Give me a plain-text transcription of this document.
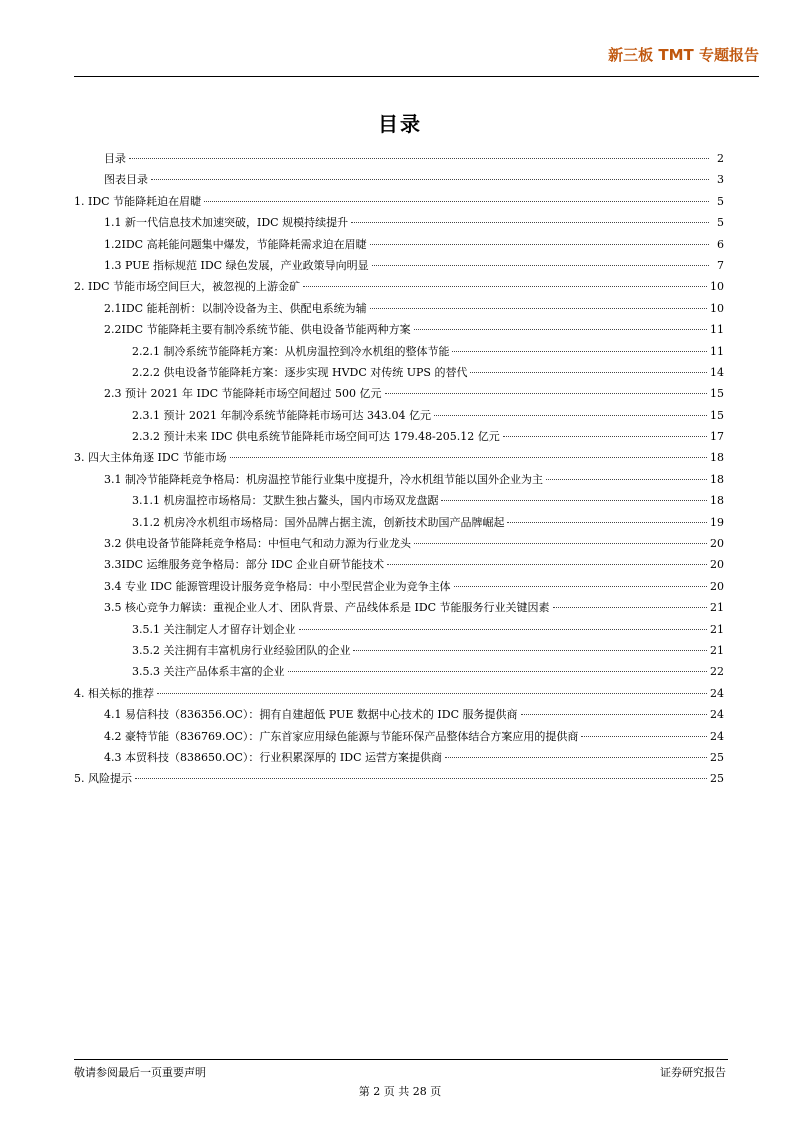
新三板 TMT 专题报告
目录
目录	2
图表目录	3
1. IDC 节能降耗迫在眉睫	5
1.1 新一代信息技术加速突破，IDC 规模持续提升	5
1.2IDC 高耗能问题集中爆发，节能降耗需求迫在眉睫	6
1.3 PUE 指标规范 IDC 绿色发展，产业政策导向明显	7
2. IDC 节能市场空间巨大，被忽视的上游金矿	10
2.1IDC 能耗剖析：以制冷设备为主、供配电系统为辅	10
2.2IDC 节能降耗主要有制冷系统节能、供电设备节能两种方案	11
2.2.1 制冷系统节能降耗方案：从机房温控到冷水机组的整体节能	11
2.2.2 供电设备节能降耗方案：逐步实现 HVDC 对传统 UPS 的替代	14
2.3 预计 2021 年 IDC 节能降耗市场空间超过 500 亿元	15
2.3.1 预计 2021 年制冷系统节能降耗市场可达 343.04 亿元	15
2.3.2 预计未来 IDC 供电系统节能降耗市场空间可达 179.48-205.12 亿元	17
3. 四大主体角逐 IDC 节能市场	18
3.1 制冷节能降耗竞争格局：机房温控节能行业集中度提升，冷水机组节能以国外企业为主	18
3.1.1 机房温控市场格局：艾默生独占鳌头，国内市场双龙盘踞	18
3.1.2 机房冷水机组市场格局：国外品牌占据主流，创新技术助国产品牌崛起	19
3.2 供电设备节能降耗竞争格局：中恒电气和动力源为行业龙头	20
3.3IDC 运维服务竞争格局：部分 IDC 企业自研节能技术	20
3.4 专业 IDC 能源管理设计服务竞争格局：中小型民营企业为竞争主体	20
3.5 核心竞争力解读：重视企业人才、团队背景、产品线体系是 IDC 节能服务行业关键因素	21
3.5.1 关注制定人才留存计划企业	21
3.5.2 关注拥有丰富机房行业经验团队的企业	21
3.5.3 关注产品体系丰富的企业	22
4. 相关标的推荐	24
4.1 易信科技（836356.OC）：拥有自建超低 PUE 数据中心技术的 IDC 服务提供商	24
4.2 豪特节能（836769.OC）：广东首家应用绿色能源与节能环保产品整体结合方案应用的提供商	24
4.3 本贸科技（838650.OC）：行业积累深厚的 IDC 运营方案提供商	25
5. 风险提示	25
敬请参阅最后一页重要声明	证券研究报告
第 2 页 共 28 页
